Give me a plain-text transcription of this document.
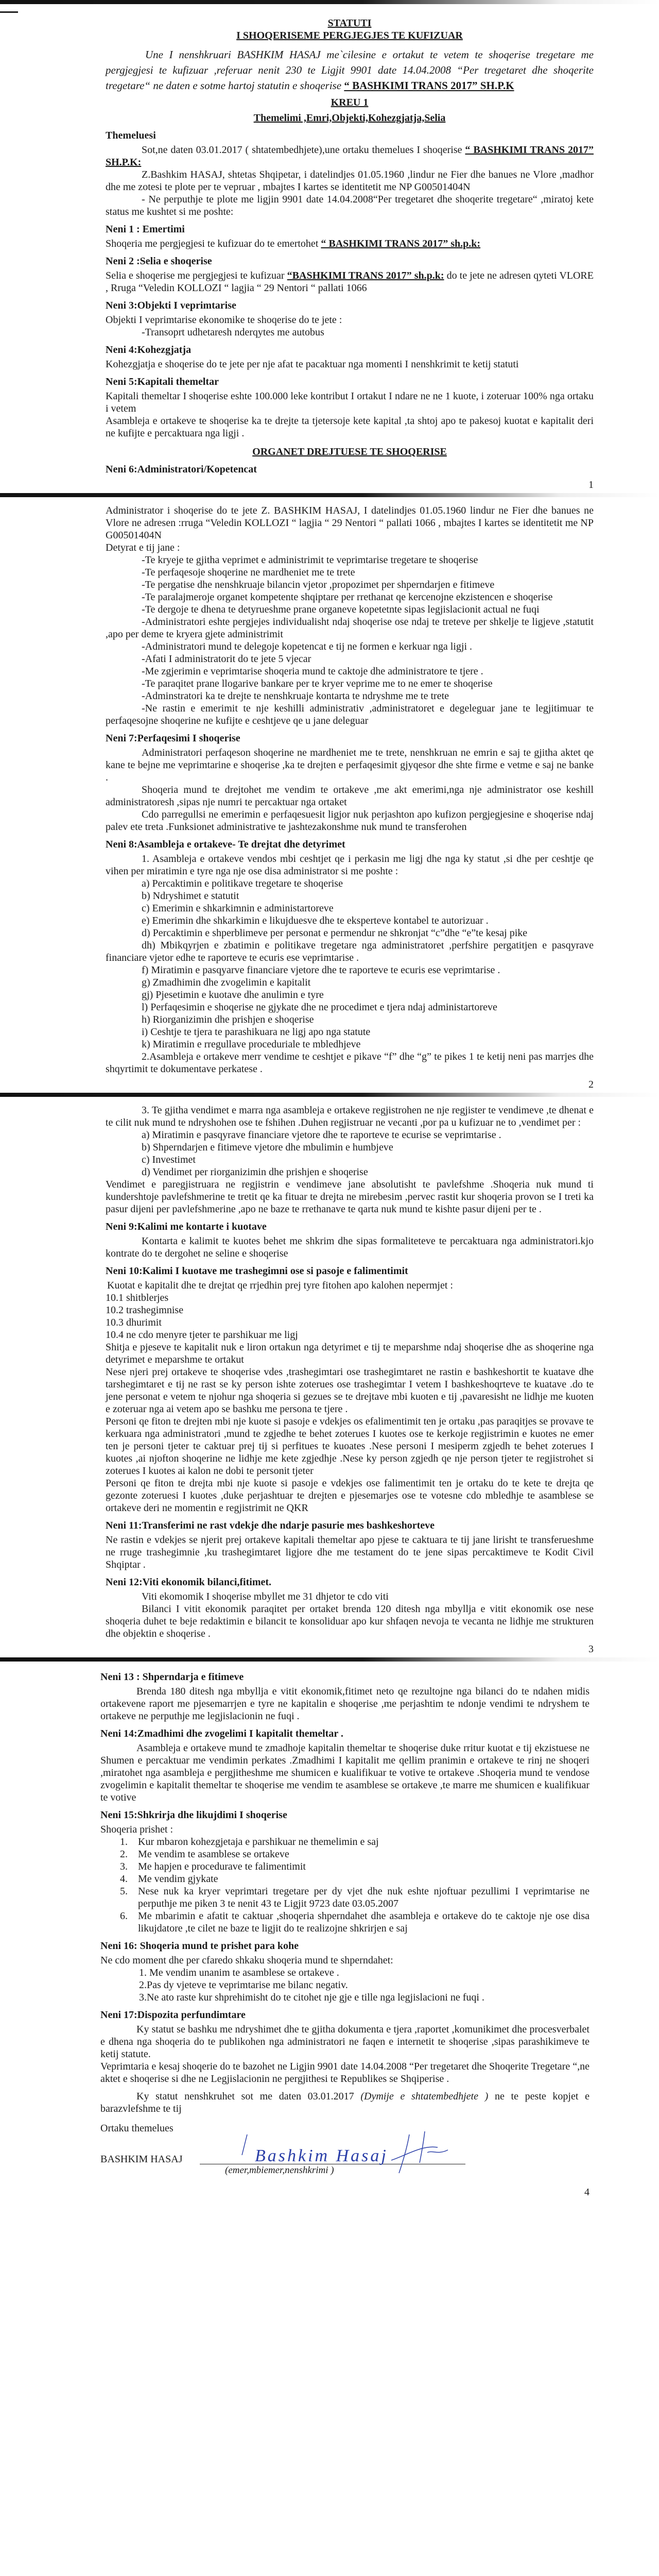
STATUTI
I SHOQERISEME PERGJEGJES TE KUFIZUAR
Une I nenshkruari BASHKIM HASAJ me`cilesine e ortakut te vetem te shoqerise tregetare me pergjegjesi te kufizuar ,referuar nenit 230 te Ligjit 9901 date 14.04.2008 “Per tregetaret dhe shoqerite tregetare“ ne daten e sotme hartoj statutin e shoqerise “ BASHKIMI TRANS 2017” SH.P.K
KREU 1
Themelimi ,Emri,Objekti,Kohezgjatja,Selia
Themeluesi
Sot,ne daten 03.01.2017 ( shtatembedhjete),une ortaku themelues I shoqerise “ BASHKIMI TRANS 2017” SH.P.K:
Z.Bashkim HASAJ, shtetas Shqipetar, i datelindjes 01.05.1960 ,lindur ne Fier dhe banues ne Vlore ,madhor dhe me zotesi te plote per te vepruar , mbajtes I kartes se identitetit me NP G00501404N
- Ne perputhje te plote me ligjin 9901 date 14.04.2008“Per tregetaret dhe shoqerite tregetare“ ,miratoj kete status me kushtet si me poshte:
Neni 1 : Emertimi
Shoqeria me pergjegjesi te kufizuar do te emertohet “ BASHKIMI TRANS 2017” sh.p.k:
Neni 2 :Selia e shoqerise
Selia e shoqerise me pergjegjesi te kufizuar “BASHKIMI TRANS 2017” sh.p.k: do te jete ne adresen qyteti VLORE , Rruga “Veledin KOLLOZI “ lagjia “ 29 Nentori “ pallati 1066
Neni 3:Objekti I veprimtarise
Objekti I veprimtarise ekonomike te shoqerise do te jete :
-Transoprt udhetaresh nderqytes me autobus
Neni 4:Kohezgjatja
Kohezgjatja e shoqerise do te jete per nje afat te pacaktuar nga momenti I nenshkrimit te ketij statuti
Neni 5:Kapitali themeltar
Kapitali themeltar I shoqerise eshte 100.000 leke kontribut I ortakut I ndare ne ne 1 kuote, i zoteruar 100% nga ortaku i vetem
Asambleja e ortakeve te shoqerise ka te drejte ta tjetersoje kete kapital ,ta shtoj apo te pakesoj kuotat e kapitalit deri ne kufijte e percaktuara nga ligji .
ORGANET DREJTUESE TE SHOQERISE
Neni 6:Administratori/Kopetencat
1
Administrator i shoqerise do te jete Z. BASHKIM HASAJ, I datelindjes 01.05.1960 lindur ne Fier dhe banues ne Vlore ne adresen :rruga “Veledin KOLLOZI “ lagjia “ 29 Nentori “ pallati 1066 , mbajtes I kartes se identitetit me NP G00501404N
Detyrat e tij jane :
-Te kryeje te gjitha veprimet e administrimit te veprimtarise tregetare te shoqerise
-Te perfaqesoje shoqerine ne mardheniet me te trete
-Te pergatise dhe nenshkruaje bilancin vjetor ,propozimet per shperndarjen e fitimeve
-Te paralajmeroje organet kompetente shqiptare per rrethanat qe kercenojne ekzistencen e shoqerise
-Te dergoje te dhena te detyrueshme prane organeve kopetetnte sipas legjislacionit actual ne fuqi
-Administratori eshte pergjejes individualisht ndaj shoqerise ose ndaj te treteve per shkelje te ligjeve ,statutit ,apo per deme te kryera gjete administrimit
-Administratori mund te delegoje kopetencat e tij ne formen e kerkuar nga ligji .
-Afati I administratorit do te jete 5 vjecar
-Me zgjerimin e veprimtarise shoqeria mund te caktoje dhe administratore te tjere .
-Te paraqitet prane llogarive bankare per te kryer veprime me to ne emer te shoqerise
-Adminstratori ka te drejte te nenshkruaje kontarta te ndryshme me te trete
-Ne rastin e emerimit te nje keshilli administrativ ,administratoret e degeleguar jane te legjitimuar te perfaqesojne shoqerine ne kufijte e ceshtjeve qe u jane deleguar
Neni 7:Perfaqesimi I shoqerise
Administratori perfaqeson shoqerine ne mardheniet me te trete, nenshkruan ne emrin e saj te gjitha aktet qe kane te bejne me veprimtarine e shoqerise ,ka te drejten e perfaqesimit gjyqesor dhe shte firme e vetme e saj ne banke .
Shoqeria mund te drejtohet me vendim te ortakeve ,me akt emerimi,nga nje administrator ose keshill administratoresh ,sipas nje numri te percaktuar nga ortaket
Cdo parregullsi ne emerimin e perfaqesuesit ligjor nuk perjashton apo kufizon pergjegjesine e shoqerise ndaj palev ete treta .Funksionet administrative te jashtezakonshme nuk mund te transferohen
Neni 8:Asambleja e ortakeve- Te drejtat dhe detyrimet
1. Asambleja e ortakeve vendos mbi ceshtjet qe i perkasin me ligj dhe nga ky statut ,si dhe per ceshtje qe vihen per miratimin e tyre nga nje ose disa administrator si me poshte :
a) Percaktimin e politikave tregetare te shoqerise
b) Ndryshimet e statutit
c) Emerimin e shkarkimnin e administartoreve
e) Emerimin dhe shkarkimin e likujduesve dhe te eksperteve kontabel te autorizuar .
d) Percaktimin e shperblimeve per personat e permendur ne shkronjat “c”dhe “e”te kesaj pike
dh) Mbikqyrjen e zbatimin e politikave tregetare nga administratoret ,perfshire pergatitjen e pasqyrave financiare vjetor edhe te raporteve te ecuris ese veprimtarise .
f) Miratimin e pasqyarve financiare vjetore dhe te raporteve te ecuris ese veprimtarise .
g) Zmadhimin dhe zvogelimin e kapitalit
gj) Pjesetimin e kuotave dhe anulimin e tyre
l) Perfaqesimin e shoqerise ne gjykate dhe ne procedimet e tjera ndaj administartoreve
h) Riorganizimin dhe prishjen e shoqerise
i) Ceshtje te tjera te parashikuara ne ligj apo nga statute
k) Miratimin e rregullave proceduriale te mbledhjeve
2.Asambleja e ortakeve merr vendime te ceshtjet e pikave “f” dhe “g” te pikes 1 te ketij neni pas marrjes dhe shqyrtimit te dokumentave perkatese .
2
3. Te gjitha vendimet e marra nga asambleja e ortakeve regjistrohen ne nje regjister te vendimeve ,te dhenat e te cilit nuk mund te ndryshohen ose te fshihen .Duhen regjistruar ne vecanti ,por pa u kufizuar ne to ,vendimet per :
a) Miratimin e pasqyrave financiare vjetore dhe te raporteve te ecurise se veprimtarise .
b) Shperndarjen e fitimeve vjetore dhe mbulimin e humbjeve
c) Investimet
d) Vendimet per riorganizimin dhe prishjen e shoqerise
Vendimet e paregjistruara ne regjistrin e vendimeve jane absolutisht te pavlefshme .Shoqeria nuk mund ti kundershtoje pavlefshmerine te tretit qe ka fituar te drejta ne mirebesim ,pervec rastit kur shoqeria provon se I treti ka pasur dijeni per pavlefshmerine ,apo ne baze te rrethanave te qarta nuk mund te kishte pasur dijeni per te .
Neni 9:Kalimi me kontarte i kuotave
Kontarta e kalimit te kuotes behet me shkrim dhe sipas formaliteteve te percaktuara nga administratori.kjo kontrate do te dergohet ne seline e shoqerise
Neni 10:Kalimi I kuotave me trashegimni ose si pasoje e falimentimit
Kuotat e kapitalit dhe te drejtat qe rrjedhin prej tyre fitohen apo kalohen nepermjet :
10.1 shitblerjes
10.2 trashegimnise
10.3 dhurimit
10.4 ne cdo menyre tjeter te parshikuar me ligj
Shitja e pjeseve te kapitalit nuk e liron ortakun nga detyrimet e tij te meparshme ndaj shoqerise dhe as shoqerine nga detyrimet e meparshme te ortakut
Nese njeri prej ortakeve te shoqerise vdes ,trashegimtari ose trashegimtaret ne rastin e bashkeshortit te kuatave dhe tarshegimtaret e tij ne rast se ky person ishte zoterues ose trashegimtar I vetem I bashkeshoqrteve te kuatave .do te jene personat e vetem te njohur nga shoqeria si gezues se te drejtave mbi kuoten e tij ,pavaresisht ne lidhje me kuoten e zoteruar nga ai vetem apo se bashku me persona te tjere .
Personi qe fiton te drejten mbi nje kuote si pasoje e vdekjes os efalimentimit ten je ortaku ,pas paraqitjes se provave te kerkuara nga administratori ,mund te zgjedhe te behet zoterues I kuotes ose te kerkoje regjistrimin e kuotes ne emer ten je personi tjeter te caktuar prej tij si perfitues te kuoates .Nese personi I mesiperm zgjedh te behet zoterues I kuotes ,ai njofton shoqerine ne lidhje me kete zgjedhje .Nese ky person zgjedh qe nje person tjeter te regjistrohet si zoterues I kuotes ai kalon ne dobi te personit tjeter
Personi qe fiton te drejta mbi nje kuote si pasoje e vdekjes ose falimentimit ten je ortaku do te kete te drejta qe gezonte zoteruesi I kuotes ,duke perjashtuar te drejten e pjesemarjes ose te votesne cdo mbledhje te asamblese se ortakeve deri ne momentin e regjistrimit ne QKR
Neni 11:Transferimi ne rast vdekje dhe ndarje pasurie mes bashkeshorteve
Ne rastin e vdekjes se njerit prej ortakeve kapitali themeltar apo pjese te caktuara te tij jane lirisht te transferueshme ne rruge trashegimnie ,ku trashegimtaret ligjore dhe me testament do te jene sipas percaktimeve te Kodit Civil Shqiptar .
Neni 12:Viti ekonomik bilanci,fitimet.
Viti ekomomik I shoqerise mbyllet me 31 dhjetor te cdo viti
Bilanci I vitit ekonomik paraqitet per ortaket brenda 120 ditesh nga mbyllja e vitit ekonomik ose nese shoqeria duhet te beje redaktimin e bilancit te konsoliduar apo kur shfaqen nevoja te vecanta ne lidhje me strukturen dhe objektin e shoqerise .
3
Neni 13 : Shperndarja e fitimeve
Brenda 180 ditesh nga mbyllja e vitit ekonomik,fitimet neto qe rezultojne nga bilanci do te ndahen midis ortakevene raport me pjesemarrjen e tyre ne kapitalin e shoqerise ,me perjashtim te ndonje vendimi te ndryshem te ortakeve ne perputhje me legjislacionin ne fuqi .
Neni 14:Zmadhimi dhe zvogelimi I kapitalit themeltar .
Asambleja e ortakeve mund te zmadhoje kapitalin themeltar te shoqerise duke rritur kuotat e tij ekzistuese ne Shumen e percaktuar me vendimin perkates .Zmadhimi I kapitalit me qellim pranimin e ortakeve te rinj ne shoqeri ,miratohet nga asambleja e pergjitheshme me shumicen e kualifikuar te votive te ortakeve .Shoqeria mund te vendose zvogelimin e kapitalit themeltar te shoqerise me vendim te asamblese se ortakeve ,te marre me shumicen e kualifikuar te votive
Neni 15:Shkrirja dhe likujdimi I shoqerise
Shoqeria prishet :
1. Kur mbaron kohezgjetaja e parshikuar ne themelimin e saj
2. Me vendim te asamblese se ortakeve
3. Me hapjen e procedurave te falimentimit
4. Me vendim gjykate
5. Nese nuk ka kryer veprimtari tregetare per dy vjet dhe nuk eshte njoftuar pezullimi I veprimtarise ne perputhje me piken 3 te nenit 43 te Ligjit 9723 date 03.05.2007
6. Me mbarimin e afatit te caktuar ,shoqeria shperndahet dhe asambleja e ortakeve do te caktoje nje ose disa likujdatore ,te cilet ne baze te ligjit do te realizojne shkrirjen e saj
Neni 16: Shoqeria mund te prishet para kohe
Ne cdo moment dhe per cfaredo shkaku shoqeria mund te shperndahet:
1. Me vendim unanim te asamblese se ortakeve .
2.Pas dy vjeteve te veprimtarise me bilanc negativ.
3.Ne ato raste kur shprehimisht do te citohet nje gje e tille nga legjislacioni ne fuqi .
Neni 17:Dispozita perfundimtare
Ky statut se bashku me ndryshimet dhe te gjitha dokumenta e tjera ,raportet ,komunikimet dhe procesverbalet e dhena nga shoqeria do te publikohen nga administratori ne faqen e internetit te shoqerise ,sipas parashikimeve te ketij statute.
Veprimtaria e kesaj shoqerie do te bazohet ne Ligjin 9901 date 14.04.2008 “Per tregetaret dhe Shoqerite Tregetare “,ne aktet e shoqerise si dhe ne Legjislacionin ne pergjithesi te Republikes se Shqiperise .
Ky statut nenshkruhet sot me daten 03.01.2017 (Dymije e shtatembedhjete ) ne te peste kopjet e barazvlefshme te tij
Ortaku themelues
BASHKIM HASAJ
(emer,mbiemer,nenshkrimi )
Bashkim Hasaj
4
